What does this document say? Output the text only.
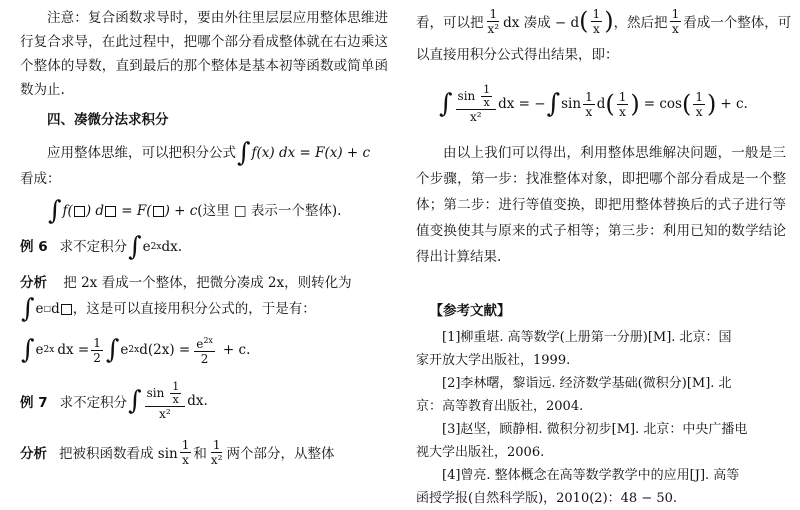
注意：复合函数求导时，要由外往里层层应用整体思维进行复合求导，在此过程中，把哪个部分看成整体就在右边乘这个整体的导数，直到最后的那个整体是基本初等函数或简单函数为止.

四、凑微分法求积分

应用整体思维，可以把积分公式 ∫ f(x) dx = F(x) + c

看成：

∫ f( ) d = F( ) + c (这里 □ 表示一个整体).

例 6 求不定积分 ∫ e 2x dx.

分析 把 2x 看成一个整体，把微分凑成 2x，则转化为

∫ e □ d ，这是可以直接用积分公式的，于是有：

∫ e 2x dx = $\frac{1}{2}$ ∫ e 2x $d(2x) = \frac{e^{2x}}{2} + c$.

例 7 求不定积分 ∫ $\frac{\sin \frac{1}{x}}{\text{x²}}$ dx.

分析 把被积函数看成 $\sin \frac{1}{x}$ 和 $\frac{1}{\text{x²}}$ 两个部分，从整体

看，可以把 $\frac{1}{\text{x²}}$ dx 凑成 − d ( $\frac{1}{x}$ ) ，然后把 $\frac{1}{x}$ 看成一个整体，可

以直接用积分公式得出结果，即：

∫ $\frac{\sin \frac{1}{x}}{\text{x²}}$ dx = − ∫ $\sin \frac{1}{x}$ d ( $\frac{1}{x}$ ) = cos ( $\frac{1}{x}$ ) + c.

由以上我们可以得出，利用整体思维解决问题，一般是三个步骤，第一步：找准整体对象，即把哪个部分看成是一个整体；第二步：进行等值变换，即把用整体替换后的式子进行等值变换使其与原来的式子相等；第三步：利用已知的数学结论得出计算结果.

【参考文献】

[1]柳重堪. 高等数学(上册第一分册)[M]. 北京：国

家开放大学出版社，1999.

[2]李林曙，黎诣远. 经济数学基础(微积分)[M]. 北

京：高等教育出版社，2004.

[3]赵坚，顾静相. 微积分初步[M]. 北京：中央广播电

视大学出版社，2006.

[4]曾亮. 整体概念在高等数学教学中的应用[J]. 高等

函授学报(自然科学版)，2010(2)：48 − 50.
